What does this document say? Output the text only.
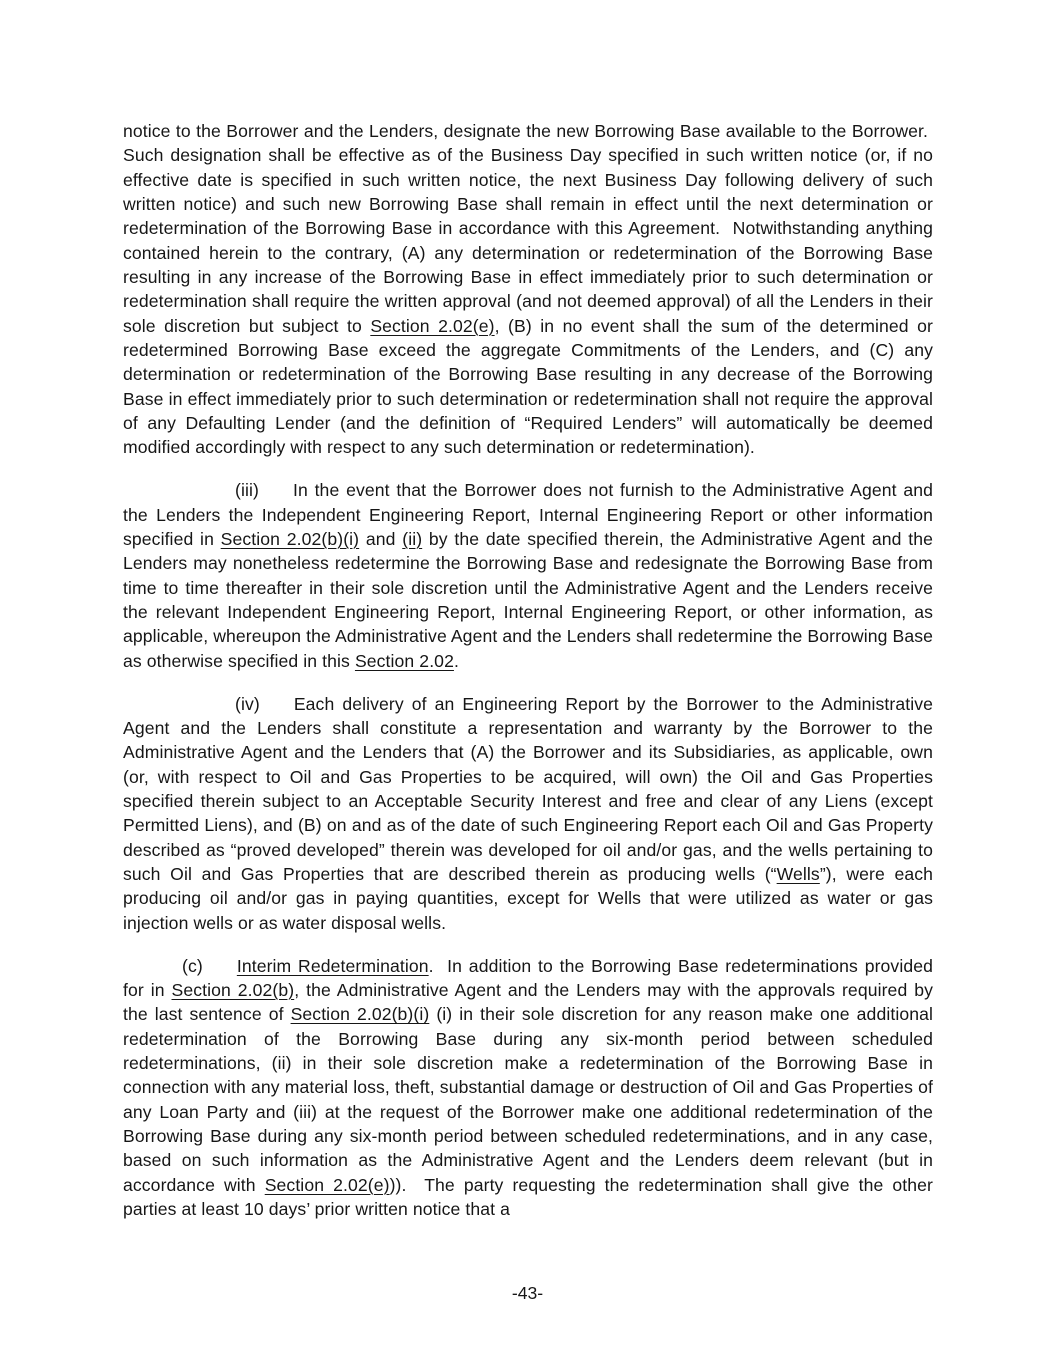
notice to the Borrower and the Lenders, designate the new Borrowing Base available to the Borrower.  Such designation shall be effective as of the Business Day specified in such written notice (or, if no effective date is specified in such written notice, the next Business Day following delivery of such written notice) and such new Borrowing Base shall remain in effect until the next determination or redetermination of the Borrowing Base in accordance with this Agreement.  Notwithstanding anything contained herein to the contrary, (A) any determination or redetermination of the Borrowing Base resulting in any increase of the Borrowing Base in effect immediately prior to such determination or redetermination shall require the written approval (and not deemed approval) of all the Lenders in their sole discretion but subject to Section 2.02(e), (B) in no event shall the sum of the determined or redetermined Borrowing Base exceed the aggregate Commitments of the Lenders, and (C) any determination or redetermination of the Borrowing Base resulting in any decrease of the Borrowing Base in effect immediately prior to such determination or redetermination shall not require the approval of any Defaulting Lender (and the definition of “Required Lenders” will automatically be deemed modified accordingly with respect to any such determination or redetermination).

(iii) In the event that the Borrower does not furnish to the Administrative Agent and the Lenders the Independent Engineering Report, Internal Engineering Report or other information specified in Section 2.02(b)(i) and (ii) by the date specified therein, the Administrative Agent and the Lenders may nonetheless redetermine the Borrowing Base and redesignate the Borrowing Base from time to time thereafter in their sole discretion until the Administrative Agent and the Lenders receive the relevant Independent Engineering Report, Internal Engineering Report, or other information, as applicable, whereupon the Administrative Agent and the Lenders shall redetermine the Borrowing Base as otherwise specified in this Section 2.02.

(iv) Each delivery of an Engineering Report by the Borrower to the Administrative Agent and the Lenders shall constitute a representation and warranty by the Borrower to the Administrative Agent and the Lenders that (A) the Borrower and its Subsidiaries, as applicable, own (or, with respect to Oil and Gas Properties to be acquired, will own) the Oil and Gas Properties specified therein subject to an Acceptable Security Interest and free and clear of any Liens (except Permitted Liens), and (B) on and as of the date of such Engineering Report each Oil and Gas Property described as “proved developed” therein was developed for oil and/or gas, and the wells pertaining to such Oil and Gas Properties that are described therein as producing wells (“Wells”), were each producing oil and/or gas in paying quantities, except for Wells that were utilized as water or gas injection wells or as water disposal wells.

(c) Interim Redetermination.  In addition to the Borrowing Base redeterminations provided for in Section 2.02(b), the Administrative Agent and the Lenders may with the approvals required by the last sentence of Section 2.02(b)(i) (i) in their sole discretion for any reason make one additional redetermination of the Borrowing Base during any six-month period between scheduled redeterminations, (ii) in their sole discretion make a redetermination of the Borrowing Base in connection with any material loss, theft, substantial damage or destruction of Oil and Gas Properties of any Loan Party and (iii) at the request of the Borrower make one additional redetermination of the Borrowing Base during any six-month period between scheduled redeterminations, and in any case, based on such information as the Administrative Agent and the Lenders deem relevant (but in accordance with Section 2.02(e))).  The party requesting the redetermination shall give the other parties at least 10 days’ prior written notice that a

-43-
